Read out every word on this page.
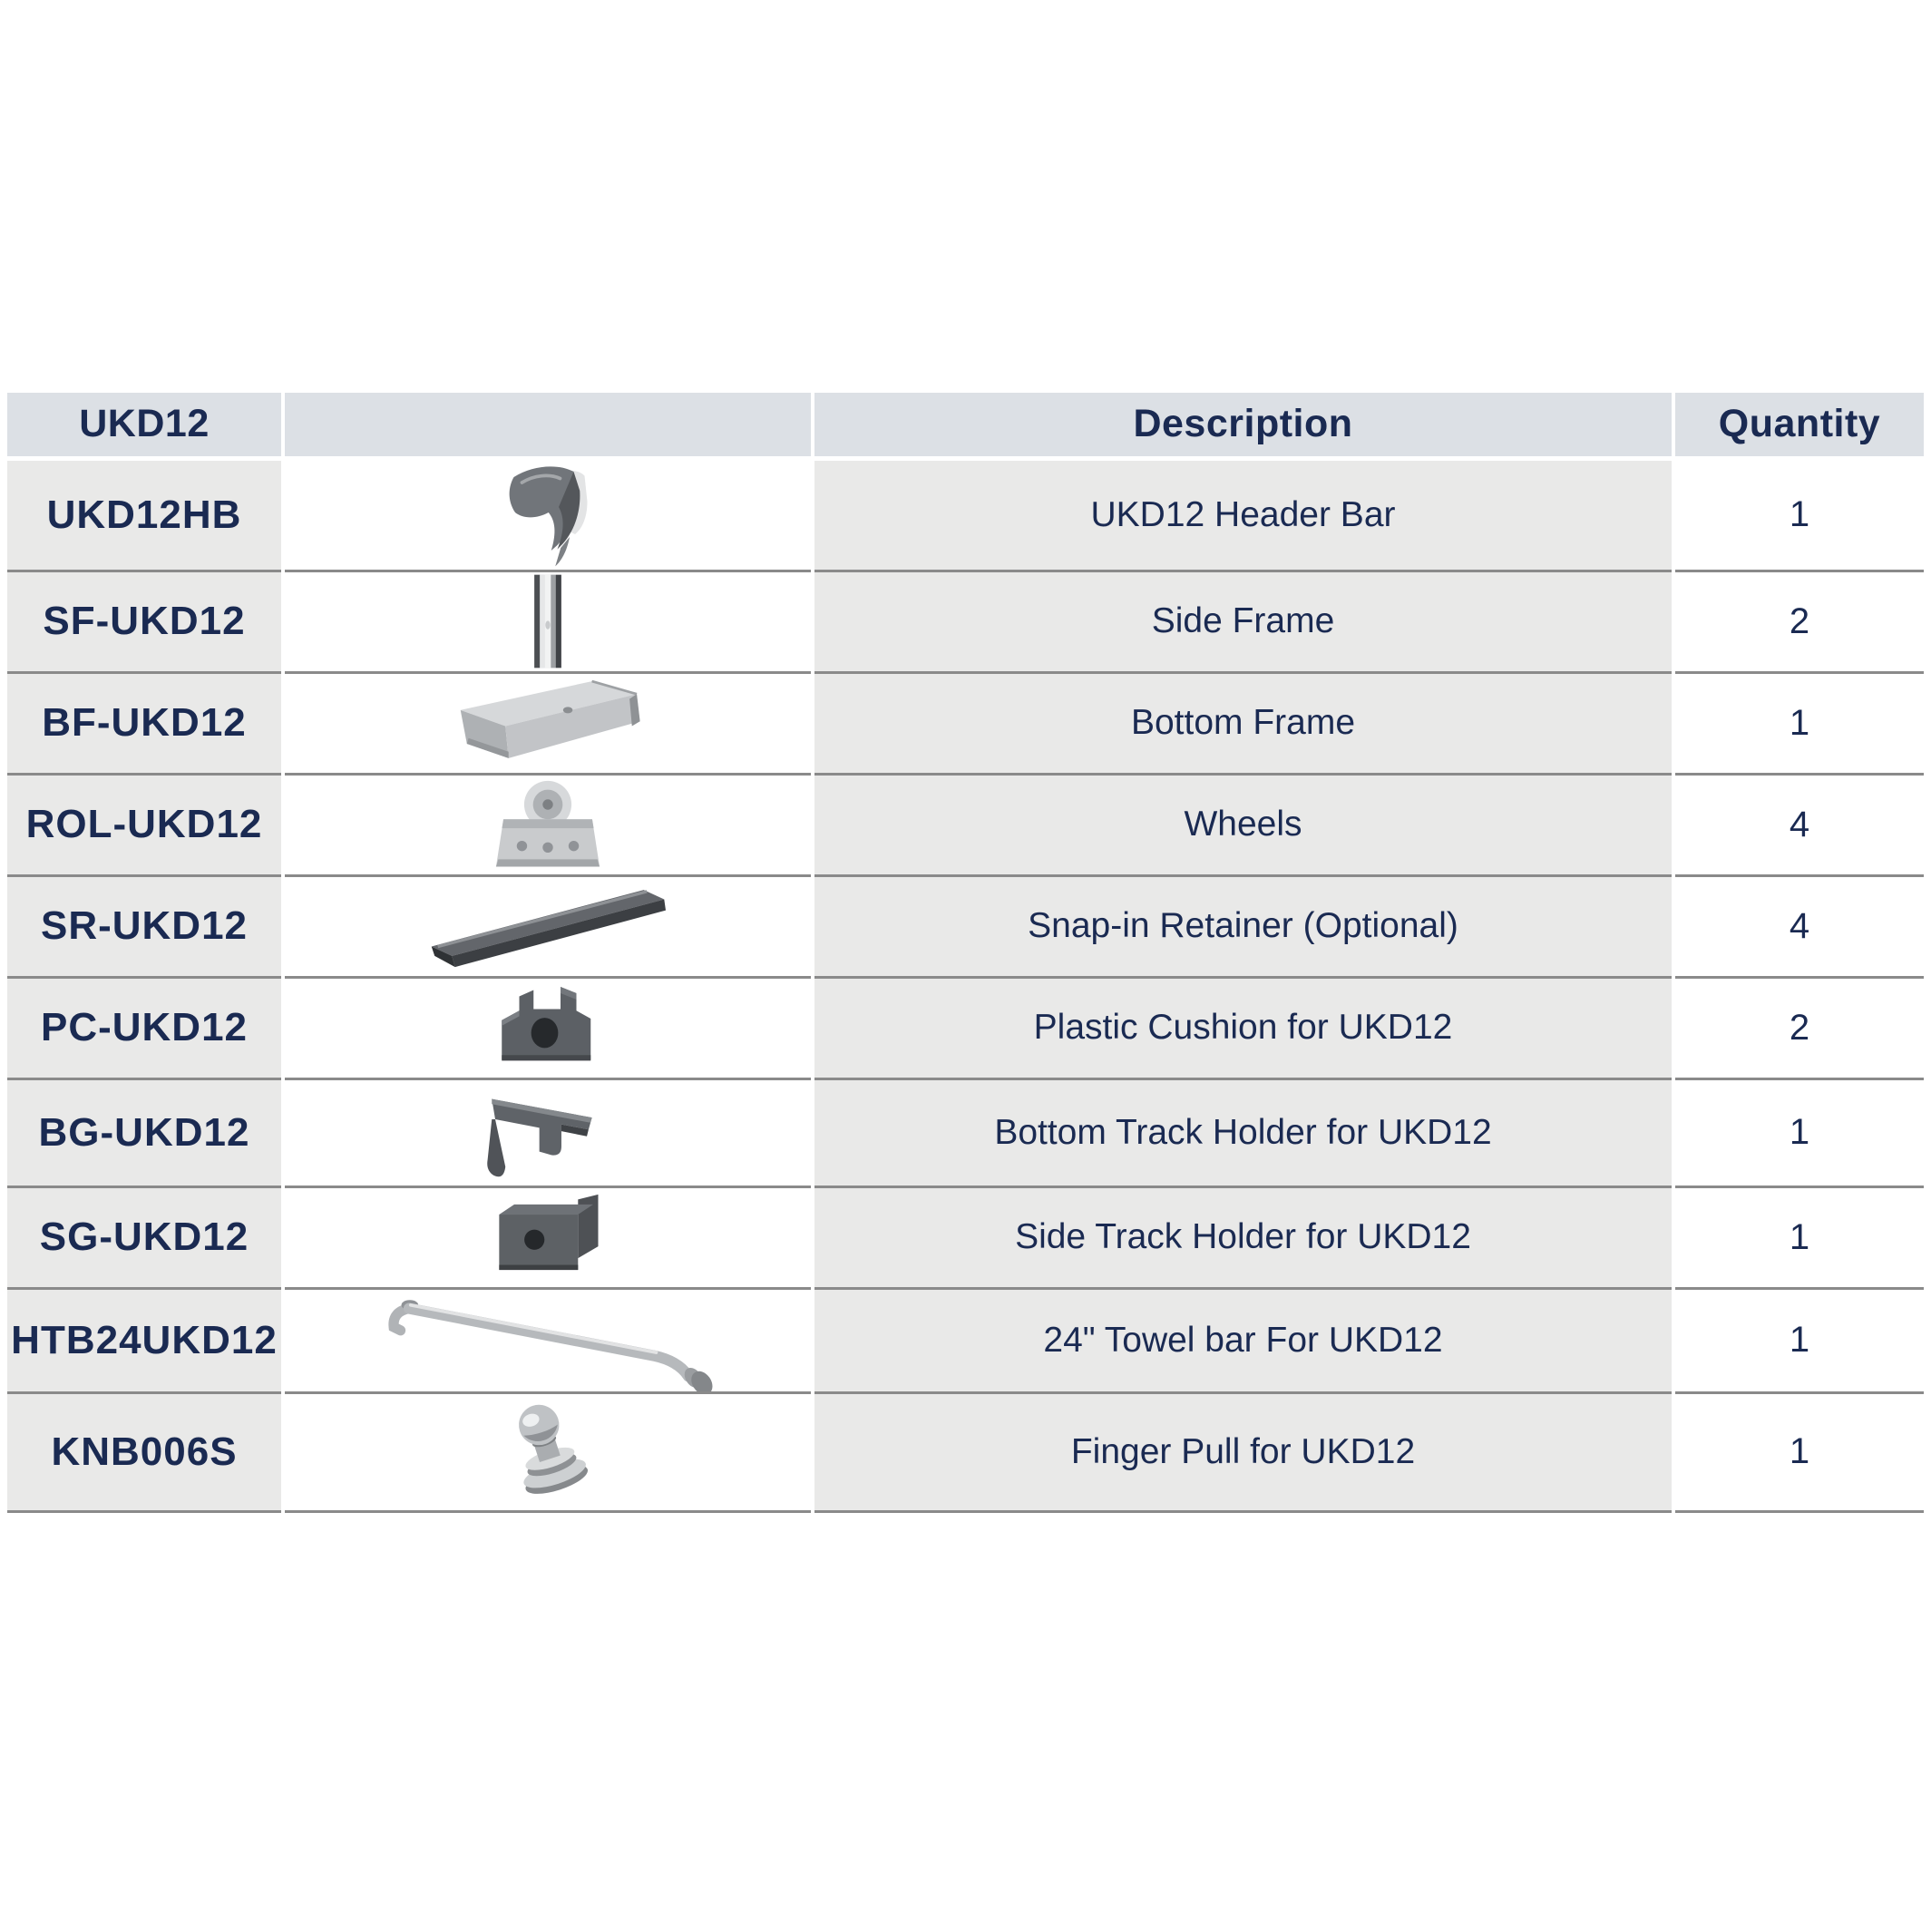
UKD12		Description	Quantity
UKD12HB		UKD12 Header Bar	1
SF-UKD12		Side Frame	2
BF-UKD12		Bottom Frame	1
ROL-UKD12		Wheels	4
SR-UKD12		Snap-in Retainer (Optional)	4
PC-UKD12		Plastic Cushion for UKD12	2
BG-UKD12		Bottom Track Holder for UKD12	1
SG-UKD12		Side Track Holder for UKD12	1
HTB24UKD12		24" Towel bar For UKD12	1
KNB006S		Finger Pull for UKD12	1
